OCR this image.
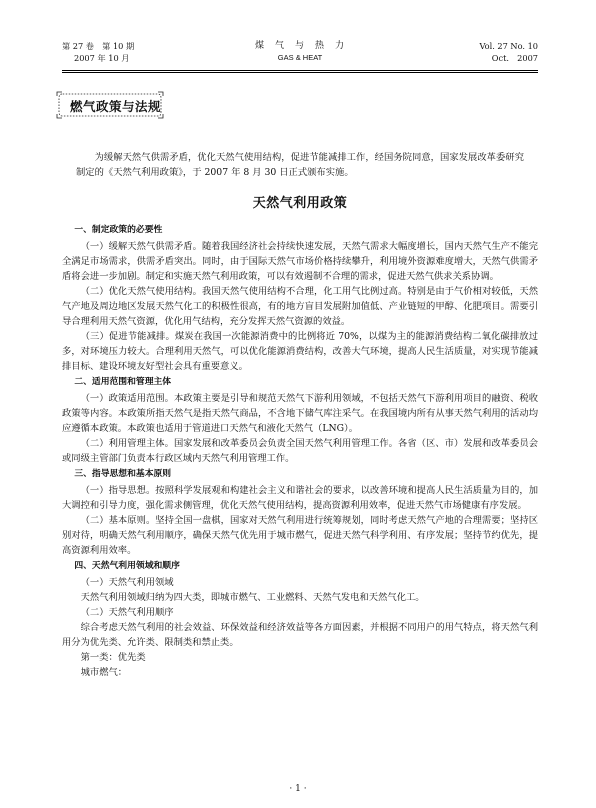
第 27 卷　第 10 期
2007 年 10 月
煤　气　与　热　力
GAS & HEAT
Vol. 27 No. 10
Oct.　2007
燃气政策与法规

为缓解天然气供需矛盾，优化天然气使用结构，促进节能减排工作，经国务院同意，国家发展改革委研究制定的《天然气利用政策》，于 2007 年 8 月 30 日正式颁布实施。

天然气利用政策
一、制定政策的必要性

（一）缓解天然气供需矛盾。随着我国经济社会持续快速发展，天然气需求大幅度增长，国内天然气生产不能完全满足市场需求，供需矛盾突出。同时，由于国际天然气市场价格持续攀升，利用境外资源难度增大，天然气供需矛盾将会进一步加剧。制定和实施天然气利用政策，可以有效遏制不合理的需求，促进天然气供求关系协调。

（二）优化天然气使用结构。我国天然气使用结构不合理，化工用气比例过高。特别是由于气价相对较低，天然气产地及周边地区发展天然气化工的积极性很高，有的地方盲目发展附加值低、产业链短的甲醇、化肥项目。需要引导合理利用天然气资源，优化用气结构，充分发挥天然气资源的效益。

（三）促进节能减排。煤炭在我国一次能源消费中的比例将近 70%，以煤为主的能源消费结构二氧化碳排放过多，对环境压力较大。合理利用天然气，可以优化能源消费结构，改善大气环境，提高人民生活质量，对实现节能减排目标、建设环境友好型社会具有重要意义。

二、适用范围和管理主体

（一）政策适用范围。本政策主要是引导和规范天然气下游利用领域，不包括天然气下游利用项目的融资、税收政策等内容。本政策所指天然气是指天然气商品，不含地下储气库注采气。在我国境内所有从事天然气利用的活动均应遵循本政策。本政策也适用于管道进口天然气和液化天然气（LNG）。

（二）利用管理主体。国家发展和改革委员会负责全国天然气利用管理工作。各省（区、市）发展和改革委员会或同级主管部门负责本行政区域内天然气利用管理工作。

三、指导思想和基本原则

（一）指导思想。按照科学发展观和构建社会主义和谐社会的要求，以改善环境和提高人民生活质量为目的，加大调控和引导力度，强化需求侧管理，优化天然气使用结构，提高资源利用效率，促进天然气市场健康有序发展。

（二）基本原则。坚持全国一盘棋，国家对天然气利用进行统筹规划，同时考虑天然气产地的合理需要；坚持区别对待，明确天然气利用顺序，确保天然气优先用于城市燃气，促进天然气科学利用、有序发展；坚持节约优先，提高资源利用效率。

四、天然气利用领域和顺序

（一）天然气利用领域

天然气利用领域归纳为四大类，即城市燃气、工业燃料、天然气发电和天然气化工。

（二）天然气利用顺序

综合考虑天然气利用的社会效益、环保效益和经济效益等各方面因素，并根据不同用户的用气特点，将天然气利用分为优先类、允许类、限制类和禁止类。

第一类：优先类

城市燃气：

· 1 ·
